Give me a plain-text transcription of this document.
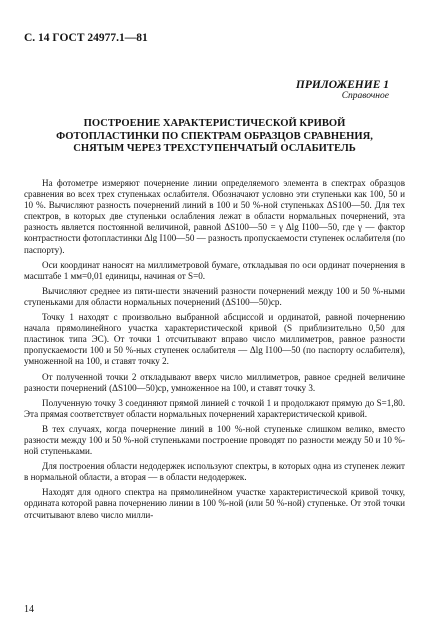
С. 14 ГОСТ 24977.1—81
ПРИЛОЖЕНИЕ 1
Справочное
ПОСТРОЕНИЕ ХАРАКТЕРИСТИЧЕСКОЙ КРИВОЙ
ФОТОПЛАСТИНКИ ПО СПЕКТРАМ ОБРАЗЦОВ СРАВНЕНИЯ,
СНЯТЫМ ЧЕРЕЗ ТРЕХСТУПЕНЧАТЫЙ ОСЛАБИТЕЛЬ

На фотометре измеряют почернение линии определяемого элемента в спектрах образцов сравнения во всех трех ступеньках ослабителя. Обозначают условно эти ступеньки как 100, 50 и 10 %. Вычисляют разность почернений линий в 100 и 50 %-ной ступеньках ΔS100—50. Для тех спектров, в которых две ступеньки ослабления лежат в области нормальных почернений, эта разность является постоянной величиной, равной ΔS100—50 = γ Δlg I100—50, где γ — фактор контрастности фотопластинки Δlg I100—50 — разность пропускаемости ступенек ослабителя (по паспорту).

Оси координат наносят на миллиметровой бумаге, откладывая по оси ординат почернения в масштабе 1 мм=0,01 единицы, начиная от S=0.

Вычисляют среднее из пяти-шести значений разности почернений между 100 и 50 %-ными ступеньками для области нормальных почернений (ΔS100—50)ср.

Точку 1 находят с произвольно выбранной абсциссой и ординатой, равной почернению начала прямолинейного участка характеристической кривой (S приблизительно 0,50 для пластинок типа ЭС). От точки 1 отсчитывают вправо число миллиметров, равное разности пропускаемости 100 и 50 %-ных ступенек ослабителя — Δlg I100—50 (по паспорту ослабителя), умноженной на 100, и ставят точку 2.

От полученной точки 2 откладывают вверх число миллиметров, равное средней величине разности почернений (ΔS100—50)ср, умноженное на 100, и ставят точку 3.

Полученную точку 3 соединяют прямой линией с точкой 1 и продолжают прямую до S=1,80. Эта прямая соответствует области нормальных почернений характеристической кривой.

В тех случаях, когда почернение линий в 100 %-ной ступеньке слишком велико, вместо разности между 100 и 50 %-ной ступеньками построение проводят по разности между 50 и 10 %-ной ступеньками.

Для построения области недодержек используют спектры, в которых одна из ступенек лежит в нормальной области, а вторая — в области недодержек.

Находят для одного спектра на прямолинейном участке характеристической кривой точку, ордината которой равна почернению линии в 100 %-ной (или 50 %-ной) ступеньке. От этой точки отсчитывают влево число милли-

14
